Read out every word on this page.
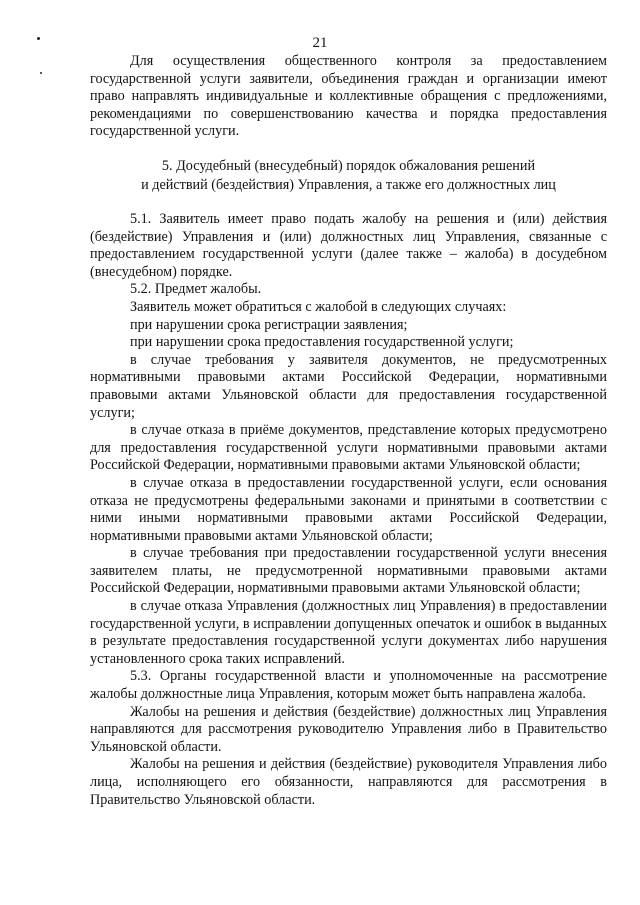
21

Для осуществления общественного контроля за предоставлением государственной услуги заявители, объединения граждан и организации имеют право направлять индивидуальные и коллективные обращения с предложениями, рекомендациями по совершенствованию качества и порядка предоставления государственной услуги.

5. Досудебный (внесудебный) порядок обжалования решений
и действий (бездействия) Управления, а также его должностных лиц

5.1. Заявитель имеет право подать жалобу на решения и (или) действия (бездействие) Управления и (или) должностных лиц Управления, связанные с предоставлением государственной услуги (далее также – жалоба) в досудебном (внесудебном) порядке.

5.2. Предмет жалобы.

Заявитель может обратиться с жалобой в следующих случаях:

при нарушении срока регистрации заявления;

при нарушении срока предоставления государственной услуги;

в случае требования у заявителя документов, не предусмотренных нормативными правовыми актами Российской Федерации, нормативными правовыми актами Ульяновской области для предоставления государственной услуги;

в случае отказа в приёме документов, представление которых предусмотрено для предоставления государственной услуги нормативными правовыми актами Российской Федерации, нормативными правовыми актами Ульяновской области;

в случае отказа в предоставлении государственной услуги, если основания отказа не предусмотрены федеральными законами и принятыми в соответствии с ними иными нормативными правовыми актами Российской Федерации, нормативными правовыми актами Ульяновской области;

в случае требования при предоставлении государственной услуги внесения заявителем платы, не предусмотренной нормативными правовыми актами Российской Федерации, нормативными правовыми актами Ульяновской области;

в случае отказа Управления (должностных лиц Управления) в предоставлении государственной услуги, в исправлении допущенных опечаток и ошибок в выданных в результате предоставления государственной услуги документах либо нарушения установленного срока таких исправлений.

5.3. Органы государственной власти и уполномоченные на рассмотрение жалобы должностные лица Управления, которым может быть направлена жалоба.

Жалобы на решения и действия (бездействие) должностных лиц Управления направляются для рассмотрения руководителю Управления либо в Правительство Ульяновской области.

Жалобы на решения и действия (бездействие) руководителя Управления либо лица, исполняющего его обязанности, направляются для рассмотрения в Правительство Ульяновской области.
